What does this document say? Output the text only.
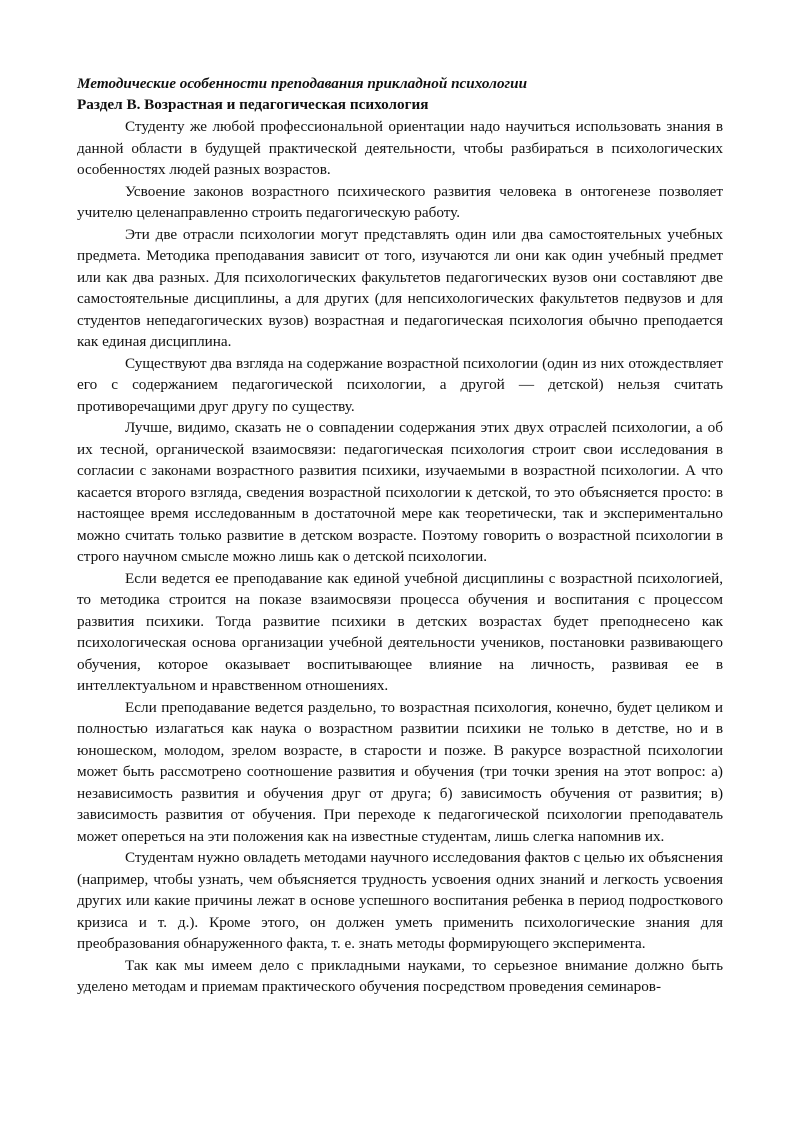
Методические особенности преподавания прикладной психологии

Раздел В. Возрастная и педагогическая психология

Студенту же любой профессиональной ориентации надо научиться использовать знания в данной области в будущей практической деятельности, чтобы разбираться в психологических особенностях людей разных возрастов.

Усвоение законов возрастного психического развития человека в онтогенезе позволяет учителю целенаправленно строить педагогическую работу.

Эти две отрасли психологии могут представлять один или два самостоятельных учебных предмета. Методика преподавания зависит от того, изучаются ли они как один учебный предмет или как два разных. Для психологических факультетов педагогических вузов они составляют две самостоятельные дисциплины, а для других (для непсихологических факультетов педвузов и для студентов непедагогических вузов) возрастная и педагогическая психология обычно преподается как единая дисциплина.

Существуют два взгляда на содержание возрастной психологии (один из них отождествляет его с содержанием педагогической психологии, а другой — детской) нельзя считать противоречащими друг другу по существу.

Лучше, видимо, сказать не о совпадении содержания этих двух отраслей психологии, а об их тесной, органической взаимосвязи: педагогическая психология строит свои исследования в согласии с законами возрастного развития психики, изучаемыми в возрастной психологии. А что касается второго взгляда, сведения возрастной психологии к детской, то это объясняется просто: в настоящее время исследованным в достаточной мере как теоретически, так и экспериментально можно считать только развитие в детском возрасте. Поэтому говорить о возрастной психологии в строго научном смысле можно лишь как о детской психологии.

Если ведется ее преподавание как единой учебной дисциплины с возрастной психологией, то методика строится на показе взаимосвязи процесса обучения и воспитания с процессом развития психики. Тогда развитие психики в детских возрастах будет преподнесено как психологическая основа организации учебной деятельности учеников, постановки развивающего обучения, которое оказывает воспитывающее влияние на личность, развивая ее в интеллектуальном и нравственном отношениях.

Если преподавание ведется раздельно, то возрастная психология, конечно, будет целиком и полностью излагаться как наука о возрастном развитии психики не только в детстве, но и в юношеском, молодом, зрелом возрасте, в старости и позже. В ракурсе возрастной психологии может быть рассмотрено соотношение развития и обучения (три точки зрения на этот вопрос: а) независимость развития и обучения друг от друга; б) зависимость обучения от развития; в) зависимость развития от обучения. При переходе к педагогической психологии преподаватель может опереться на эти положения как на известные студентам, лишь слегка напомнив их.

Студентам нужно овладеть методами научного исследования фактов с целью их объяснения (например, чтобы узнать, чем объясняется трудность усвоения одних знаний и легкость усвоения других или какие причины лежат в основе успешного воспитания ребенка в период подросткового кризиса и т. д.). Кроме этого, он должен уметь применить психологические знания для преобразования обнаруженного факта, т. е. знать методы формирующего эксперимента.

Так как мы имеем дело с прикладными науками, то серьезное внимание должно быть уделено методам и приемам практического обучения посредством проведения семинаров-
